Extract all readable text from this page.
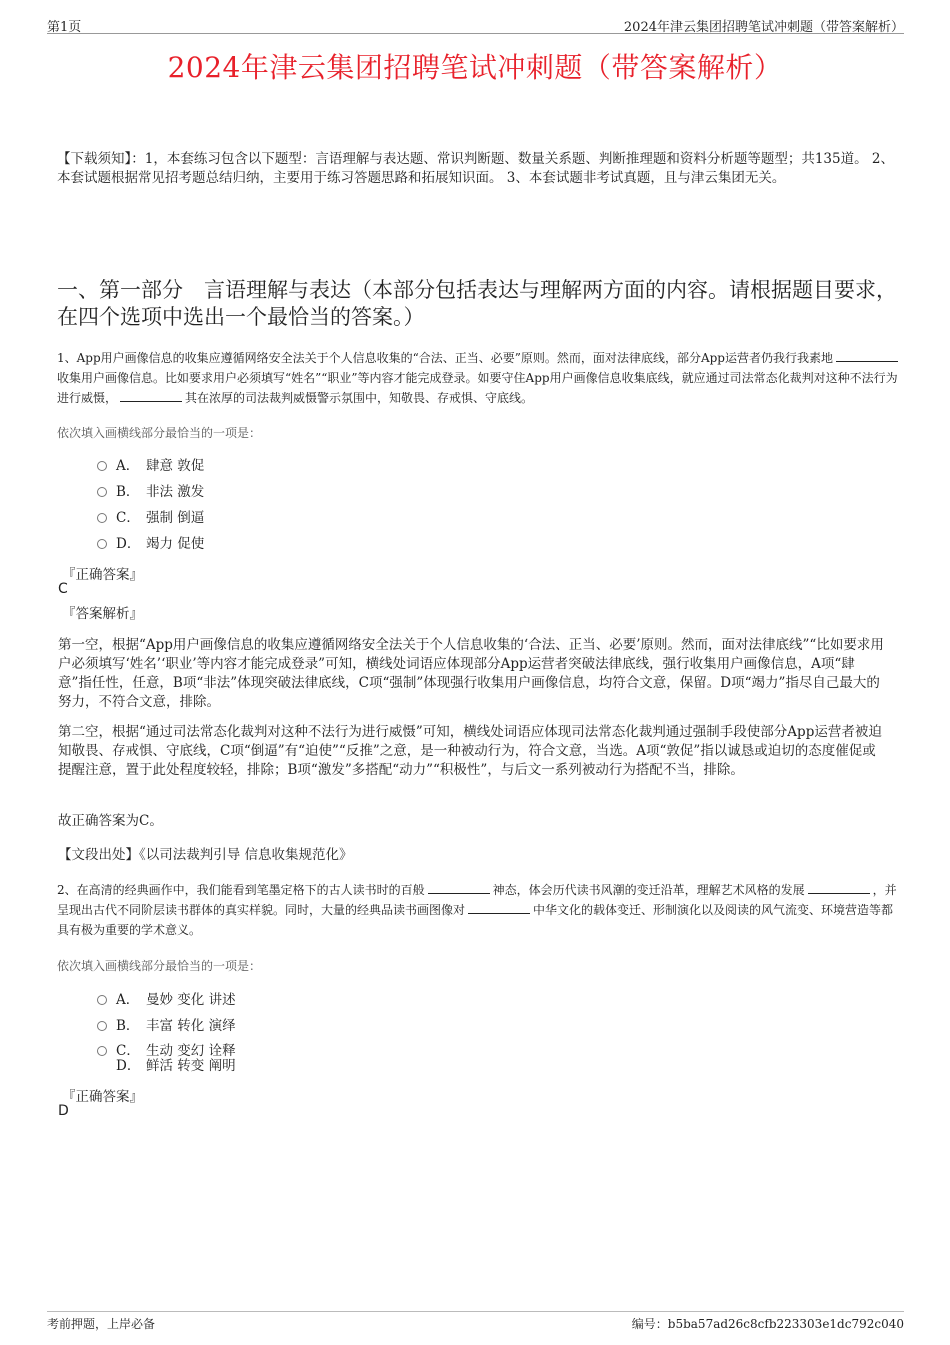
第1页	2024年津云集团招聘笔试冲刺题（带答案解析）
2024年津云集团招聘笔试冲刺题（带答案解析）
【下载须知】：1，本套练习包含以下题型：言语理解与表达题、常识判断题、数量关系题、判断推理题和资料分析题等题型；共135道。 2、本套试题根据常见招考题总结归纳，主要用于练习答题思路和拓展知识面。 3、本套试题非考试真题，且与津云集团无关。
一、第一部分　言语理解与表达（本部分包括表达与理解两方面的内容。请根据题目要求，在四个选项中选出一个最恰当的答案。）
1、App用户画像信息的收集应遵循网络安全法关于个人信息收集的“合法、正当、必要”原则。然而，面对法律底线，部分App运营者仍我行我素地收集用户画像信息。比如要求用户必须填写“姓名”“职业”等内容才能完成登录。如要守住App用户画像信息收集底线，就应通过司法常态化裁判对这种不法行为进行威慑，	其在浓厚的司法裁判威慑警示氛围中，知敬畏、存戒惧、守底线。
依次填入画横线部分最恰当的一项是：
A． 肆意 敦促
B． 非法 激发
C． 强制 倒逼
D． 竭力 促使
『正确答案』
C
『答案解析』
第一空，根据“App用户画像信息的收集应遵循网络安全法关于个人信息收集的‘合法、正当、必要’原则。然而，面对法律底线”“比如要求用户必须填写‘姓名’‘职业’等内容才能完成登录”可知，横线处词语应体现部分App运营者突破法律底线，强行收集用户画像信息，A项“肆意”指任性，任意，B项“非法”体现突破法律底线，C项“强制”体现强行收集用户画像信息，均符合文意，保留。D项“竭力”指尽自己最大的努力，不符合文意，排除。
第二空，根据“通过司法常态化裁判对这种不法行为进行威慑”可知，横线处词语应体现司法常态化裁判通过强制手段使部分App运营者被迫知敬畏、存戒惧、守底线，C项“倒逼”有“迫使”“反推”之意，是一种被动行为，符合文意，当选。A项“敦促”指以诚恳或迫切的态度催促或提醒注意，置于此处程度较轻，排除；B项“激发”多搭配“动力”“积极性”，与后文一系列被动行为搭配不当，排除。
故正确答案为C。
【文段出处】《以司法裁判引导 信息收集规范化》
2、在高清的经典画作中，我们能看到笔墨定格下的古人读书时的百般	神态，体会历代读书风潮的变迁沿革，理解艺术风格的发展	，并呈现出古代不同阶层读书群体的真实样貌。同时，大量的经典品读书画图像对	中华文化的载体变迁、形制演化以及阅读的风气流变、环境营造等都具有极为重要的学术意义。
依次填入画横线部分最恰当的一项是：
A． 曼妙 变化 讲述
B． 丰富 转化 演绎
C． 生动 变幻 诠释
D． 鲜活 转变 阐明
『正确答案』
D
考前押题，上岸必备	编号：b5ba57ad26c8cfb223303e1dc792c040
